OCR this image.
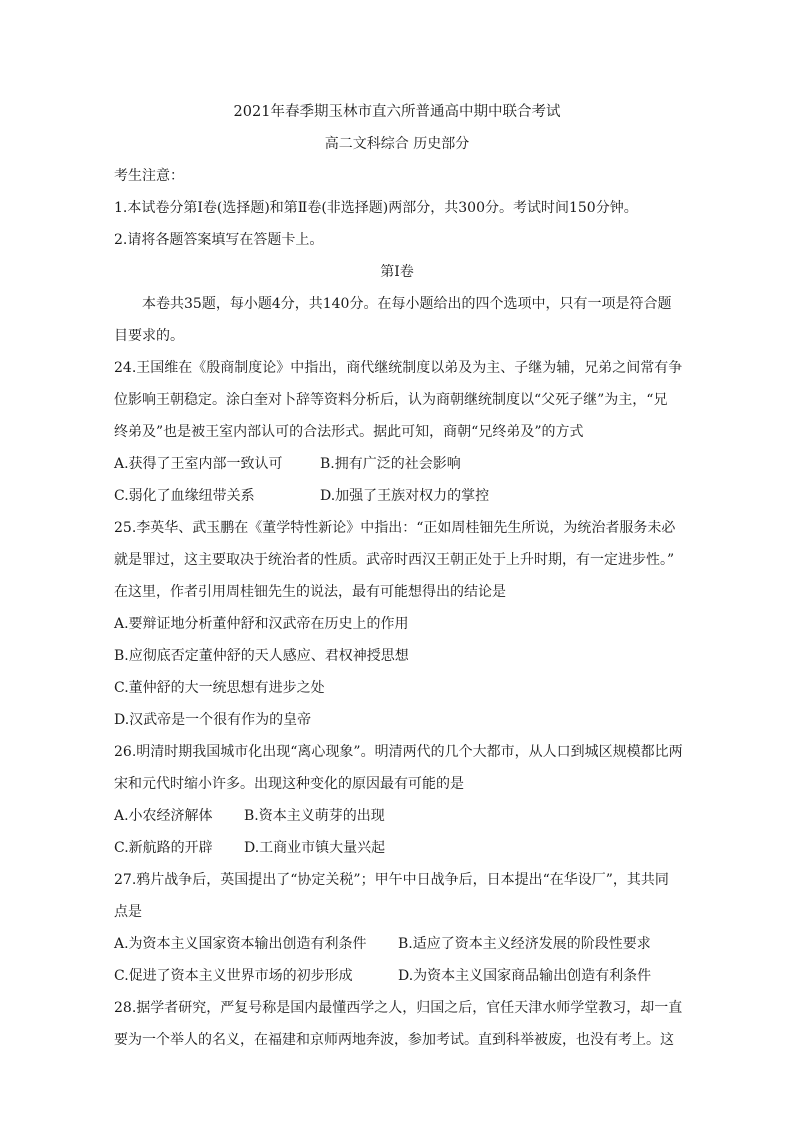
2021年春季期玉林市直六所普通高中期中联合考试
高二文科综合 历史部分
考生注意：
1.本试卷分第Ⅰ卷(选择题)和第Ⅱ卷(非选择题)两部分，共300分。考试时间150分钟。
2.请将各题答案填写在答题卡上。
第Ⅰ卷
本卷共35题，每小题4分，共140分。在每小题给出的四个选项中，只有一项是符合题
目要求的。
24.王国维在《殷商制度论》中指出，商代继统制度以弟及为主、子继为辅，兄弟之间常有争
位影响王朝稳定。涂白奎对卜辞等资料分析后，认为商朝继统制度以“父死子继”为主，“兄
终弟及”也是被王室内部认可的合法形式。据此可知，商朝“兄终弟及”的方式
A.获得了王室内部一致认可	B.拥有广泛的社会影响
C.弱化了血缘纽带关系	D.加强了王族对权力的掌控
25.李英华、武玉鹏在《董学特性新论》中指出：“正如周桂钿先生所说，为统治者服务未必
就是罪过，这主要取决于统治者的性质。武帝时西汉王朝正处于上升时期，有一定进步性。”
在这里，作者引用周桂钿先生的说法，最有可能想得出的结论是
A.要辩证地分析董仲舒和汉武帝在历史上的作用
B.应彻底否定董仲舒的天人感应、君权神授思想
C.董仲舒的大一统思想有进步之处
D.汉武帝是一个很有作为的皇帝
26.明清时期我国城市化出现“离心现象”。明清两代的几个大都市，从人口到城区规模都比两
宋和元代时缩小许多。出现这种变化的原因最有可能的是
A.小农经济解体 B.资本主义萌芽的出现
C.新航路的开辟 D.工商业市镇大量兴起
27.鸦片战争后，英国提出了“协定关税”；甲午中日战争后，日本提出“在华设厂”，其共同
点是
A.为资本主义国家资本输出创造有利条件 B.适应了资本主义经济发展的阶段性要求
C.促进了资本主义世界市场的初步形成	D.为资本主义国家商品输出创造有利条件
28.据学者研究，严复号称是国内最懂西学之人，归国之后，官任天津水师学堂教习，却一直
要为一个举人的名义，在福建和京师两地奔波，参加考试。直到科举被废，也没有考上。这
